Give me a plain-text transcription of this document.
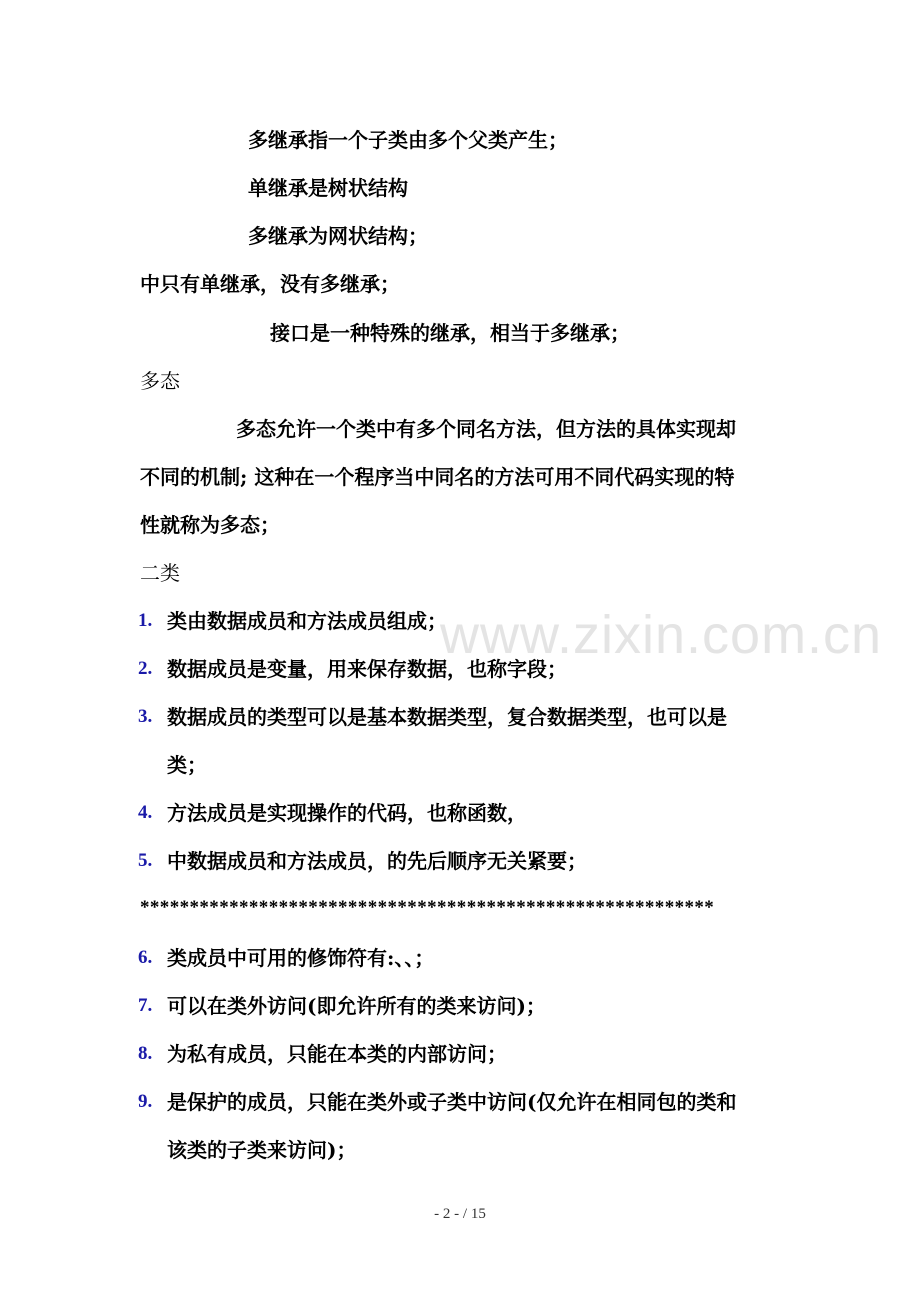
www.zixin.com.cn
多继承指一个子类由多个父类产生；
单继承是树状结构
多继承为网状结构；
中只有单继承，没有多继承；
接口是一种特殊的继承，相当于多继承；
多态
多态允许一个类中有多个同名方法，但方法的具体实现却
不同的机制; 这种在一个程序当中同名的方法可用不同代码实现的特
性就称为多态；
二类
1. 类由数据成员和方法成员组成；
2. 数据成员是变量，用来保存数据，也称字段；
3. 数据成员的类型可以是基本数据类型，复合数据类型，也可以是
类；
4. 方法成员是实现操作的代码，也称函数，
5. 中数据成员和方法成员，的先后顺序无关紧要；
**********************************************************
6. 类成员中可用的修饰符有:、、；
7. 可以在类外访问(即允许所有的类来访问)；
8. 为私有成员，只能在本类的内部访问；
9. 是保护的成员，只能在类外或子类中访问(仅允许在相同包的类和
该类的子类来访问)；
- 2 - / 15
